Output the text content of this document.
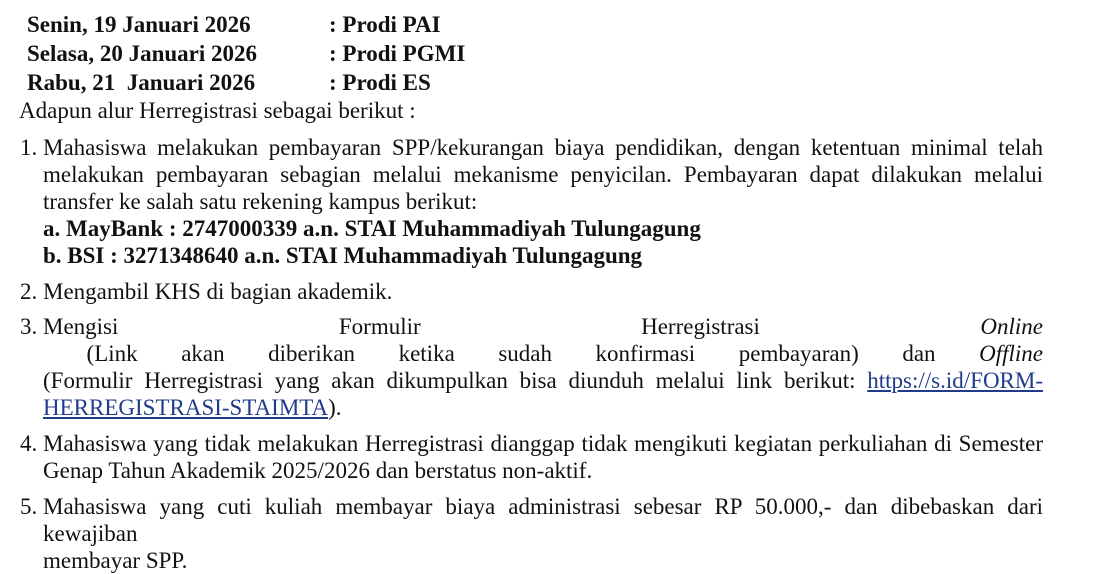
Senin, 19 Januari 2026	: Prodi PAI
Selasa, 20 Januari 2026	: Prodi PGMI
Rabu, 21  Januari 2026	: Prodi ES
Adapun alur Herregistrasi sebagai berikut :
1. Mahasiswa melakukan pembayaran SPP/kekurangan biaya pendidikan, dengan ketentuan minimal telah

melakukan pembayaran sebagian melalui mekanisme penyicilan. Pembayaran dapat dilakukan melalui

transfer ke salah satu rekening kampus berikut:

a. MayBank : 2747000339 a.n. STAI Muhammadiyah Tulungagung

b. BSI : 3271348640 a.n. STAI Muhammadiyah Tulungagung

2. Mengambil KHS di bagian akademik.

3. Mengisi Formulir Herregistrasi Online (Link akan diberikan ketika sudah konfirmasi pembayaran) dan Offline

(Formulir Herregistrasi yang akan dikumpulkan bisa diunduh melalui link berikut: https://s.id/FORM-

HERREGISTRASI-STAIMTA).

4. Mahasiswa yang tidak melakukan Herregistrasi dianggap tidak mengikuti kegiatan perkuliahan di Semester

Genap Tahun Akademik 2025/2026 dan berstatus non-aktif.

5. Mahasiswa yang cuti kuliah membayar biaya administrasi sebesar RP 50.000,- dan dibebaskan dari kewajiban

membayar SPP.
